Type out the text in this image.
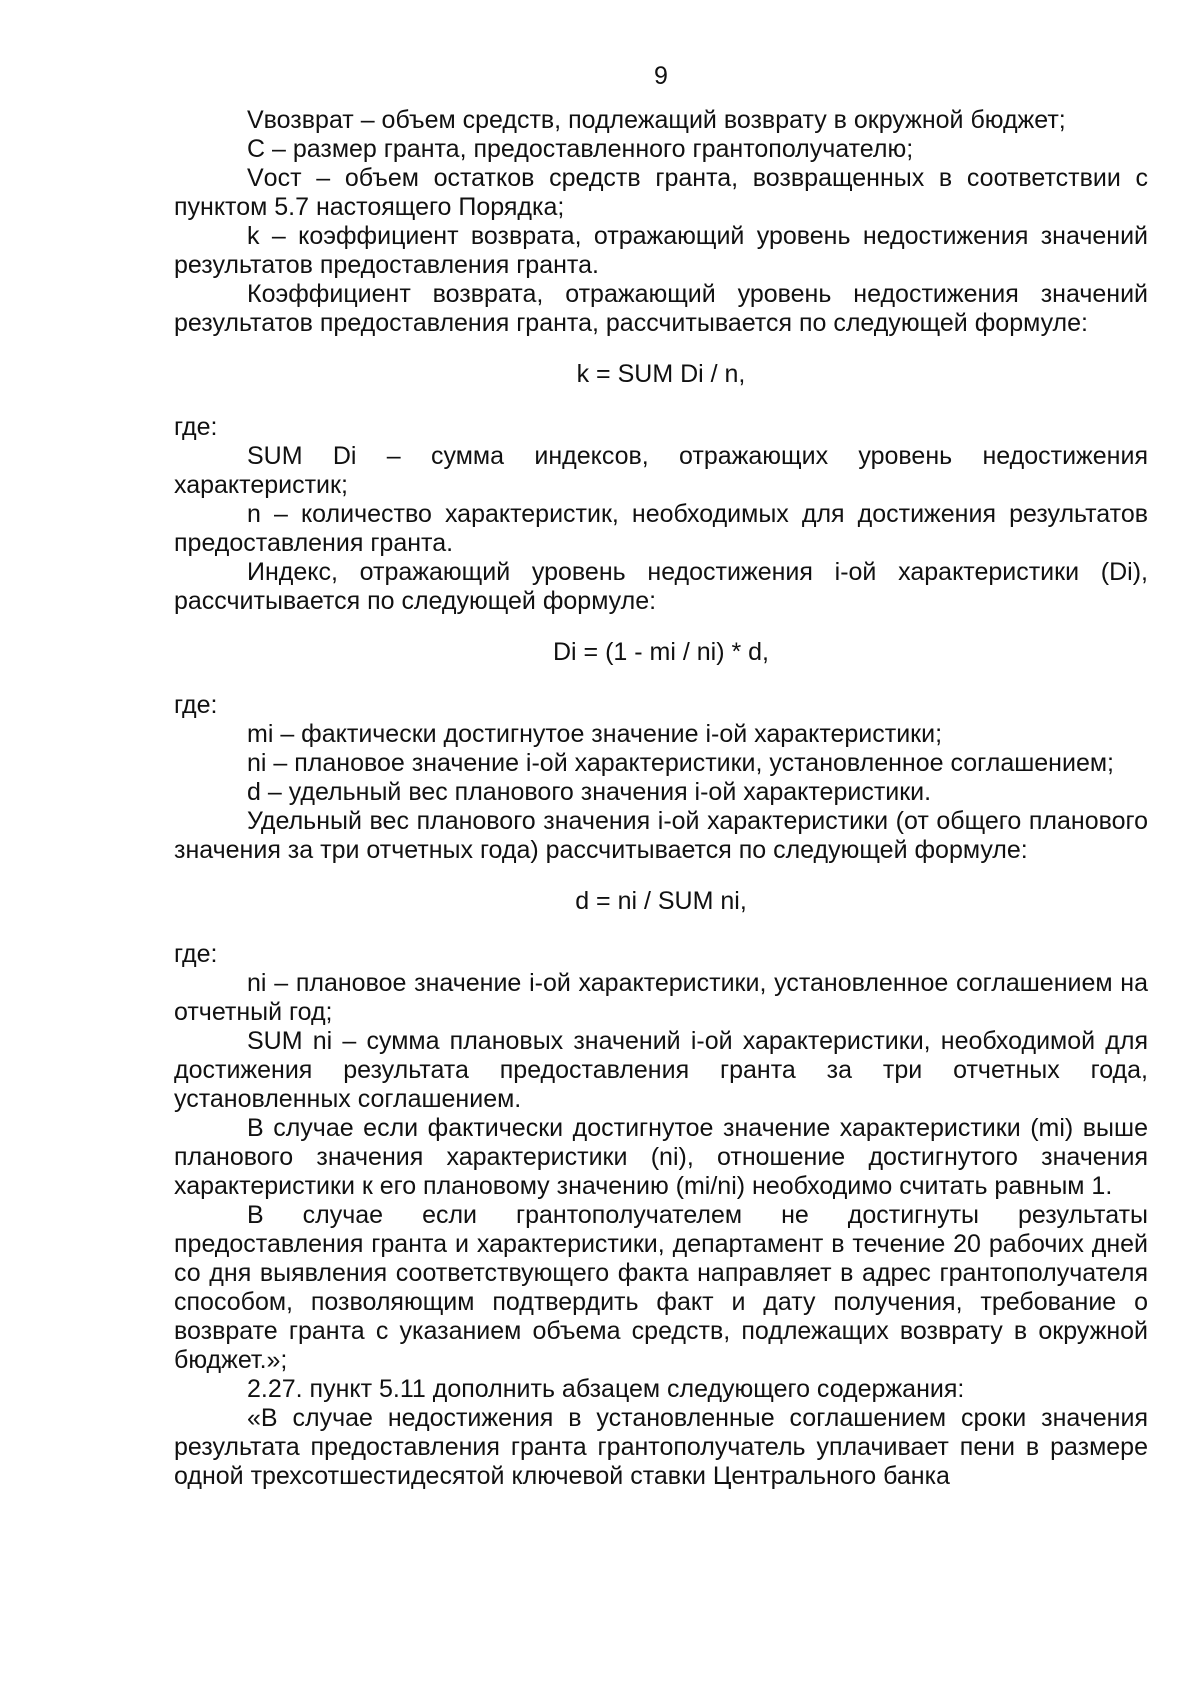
9

Vвозврат – объем средств, подлежащий возврату в окружной бюджет;

C – размер гранта, предоставленного грантополучателю;

Vост – объем остатков средств гранта, возвращенных в соответствии с пунктом 5.7 настоящего Порядка;

k – коэффициент возврата, отражающий уровень недостижения значений результатов предоставления гранта.

Коэффициент возврата, отражающий уровень недостижения значений результатов предоставления гранта, рассчитывается по следующей формуле:

k = SUM Di / n,

где:

SUM Di – сумма индексов, отражающих уровень недостижения характеристик;

n – количество характеристик, необходимых для достижения результатов предоставления гранта.

Индекс, отражающий уровень недостижения i-ой характеристики (Di), рассчитывается по следующей формуле:

Di = (1 - mi / ni) * d,

где:

mi – фактически достигнутое значение i-ой характеристики;

ni – плановое значение i-ой характеристики, установленное соглашением;

d – удельный вес планового значения i-ой характеристики.

Удельный вес планового значения i-ой характеристики (от общего планового значения за три отчетных года) рассчитывается по следующей формуле:

d = ni / SUM ni,

где:

ni – плановое значение i-ой характеристики, установленное соглашением на отчетный год;

SUM ni – сумма плановых значений i-ой характеристики, необходимой для достижения результата предоставления гранта за три отчетных года, установленных соглашением.

В случае если фактически достигнутое значение характеристики (mi) выше планового значения характеристики (ni), отношение достигнутого значения характеристики к его плановому значению (mi/ni) необходимо считать равным 1.

В случае если грантополучателем не достигнуты результаты предоставления гранта и характеристики, департамент в течение 20 рабочих дней со дня выявления соответствующего факта направляет в адрес грантополучателя способом, позволяющим подтвердить факт и дату получения, требование о возврате гранта с указанием объема средств, подлежащих возврату в окружной бюджет.»;

2.27. пункт 5.11 дополнить абзацем следующего содержания:

«В случае недостижения в установленные соглашением сроки значения результата предоставления гранта грантополучатель уплачивает пени в размере одной трехсотшестидесятой ключевой ставки Центрального банка
